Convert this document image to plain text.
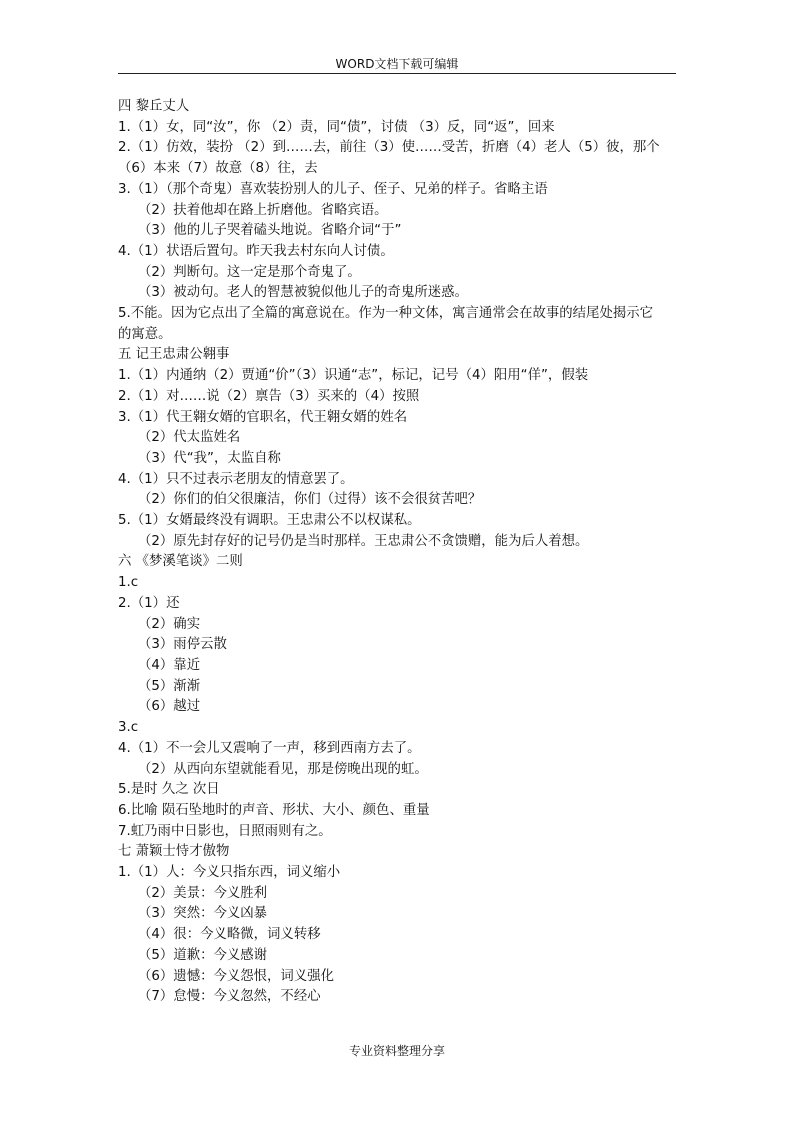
WORD文档下载可编辑
四 黎丘丈人
1.（1）女，同“汝”，你 （2）责，同“债”，讨债 （3）反，同“返”，回来
2.（1）仿效，装扮 （2）到……去，前往（3）使……受苦，折磨（4）老人（5）彼，那个
（6）本来（7）故意（8）往，去
3.（1）（那个奇鬼）喜欢装扮别人的儿子、侄子、兄弟的样子。省略主语
（2）扶着他却在路上折磨他。省略宾语。
（3）他的儿子哭着磕头地说。省略介词“于”
4.（1）状语后置句。昨天我去村东向人讨债。
（2）判断句。这一定是那个奇鬼了。
（3）被动句。老人的智慧被貌似他儿子的奇鬼所迷惑。
5.不能。因为它点出了全篇的寓意说在。作为一种文体，寓言通常会在故事的结尾处揭示它
的寓意。
五 记王忠肃公翱事
1.（1）内通纳（2）贾通“价”（3）识通“志”，标记，记号（4）阳用“佯”，假装
2.（1）对……说（2）禀告（3）买来的（4）按照
3.（1）代王翱女婿的官职名，代王翱女婿的姓名
（2）代太监姓名
（3）代“我”，太监自称
4.（1）只不过表示老朋友的情意罢了。
（2）你们的伯父很廉洁，你们（过得）该不会很贫苦吧？
5.（1）女婿最终没有调职。王忠肃公不以权谋私。
（2）原先封存好的记号仍是当时那样。王忠肃公不贪馈赠，能为后人着想。
六 《梦溪笔谈》二则
1.c
2.（1）还
（2）确实
（3）雨停云散
（4）靠近
（5）渐渐
（6）越过
3.c
4.（1）不一会儿又震响了一声，移到西南方去了。
（2）从西向东望就能看见，那是傍晚出现的虹。
5.是时 久之 次日
6.比喻 陨石坠地时的声音、形状、大小、颜色、重量
7.虹乃雨中日影也，日照雨则有之。
七 萧颖士恃才傲物
1.（1）人：今义只指东西，词义缩小
（2）美景：今义胜利
（3）突然：今义凶暴
（4）很：今义略微，词义转移
（5）道歉：今义感谢
（6）遗憾：今义怨恨，词义强化
（7）怠慢：今义忽然，不经心
专业资料整理分享
